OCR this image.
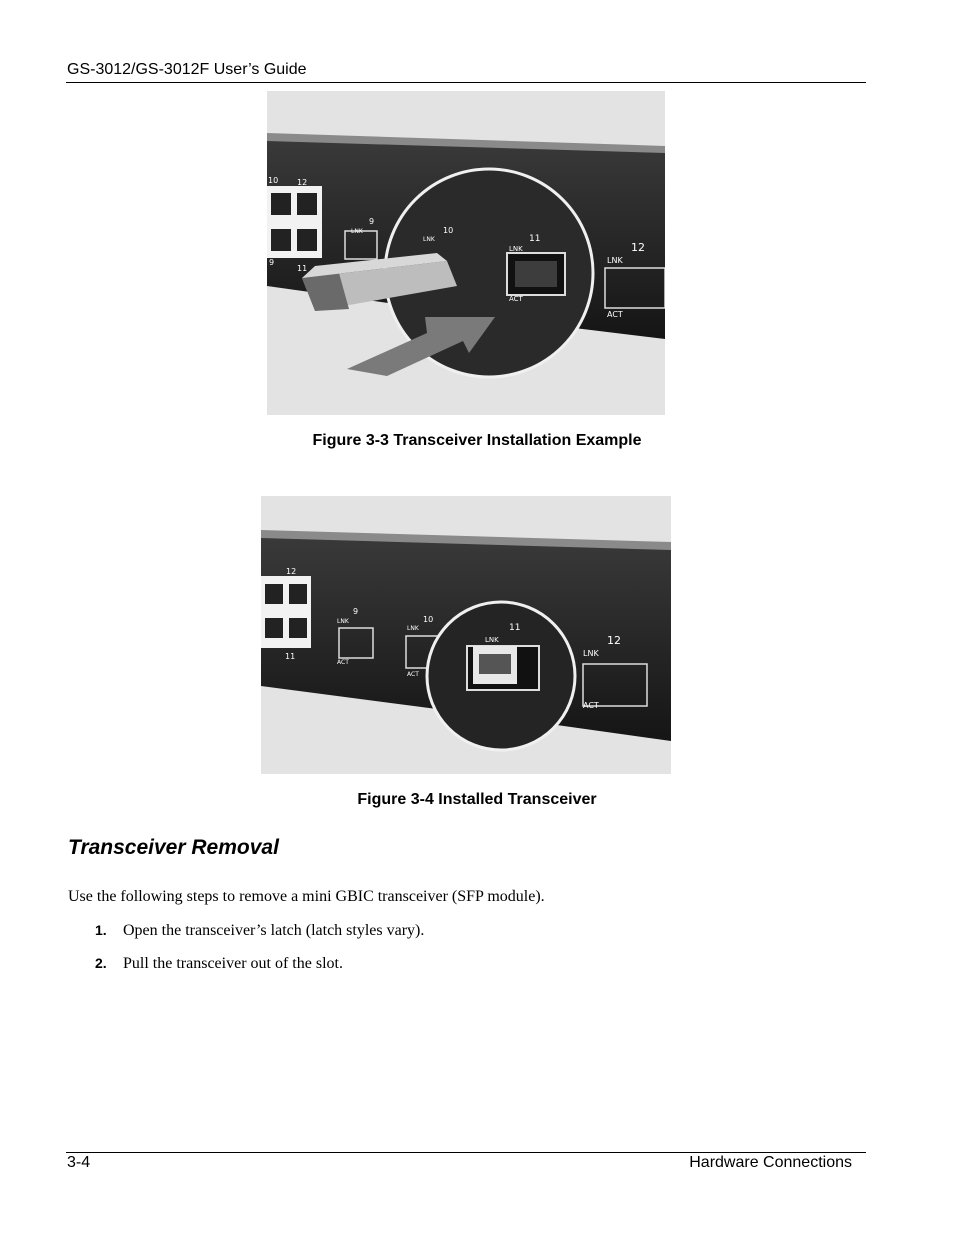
GS-3012/GS-3012F User’s Guide
10 12
9
11
9
10
11
12
LNK
LNK
LNK
ACT
LNK
ACT
Figure 3-3 Transceiver Installation Example
12
11
9
10
11
12
LNK
ACT
LNK
ACT
LNK
LNK
ACT
Figure 3-4 Installed Transceiver
Transceiver Removal
Use the following steps to remove a mini GBIC transceiver (SFP module).
1. Open the transceiver’s latch (latch styles vary).
2. Pull the transceiver out of the slot.
3-4	Hardware Connections
